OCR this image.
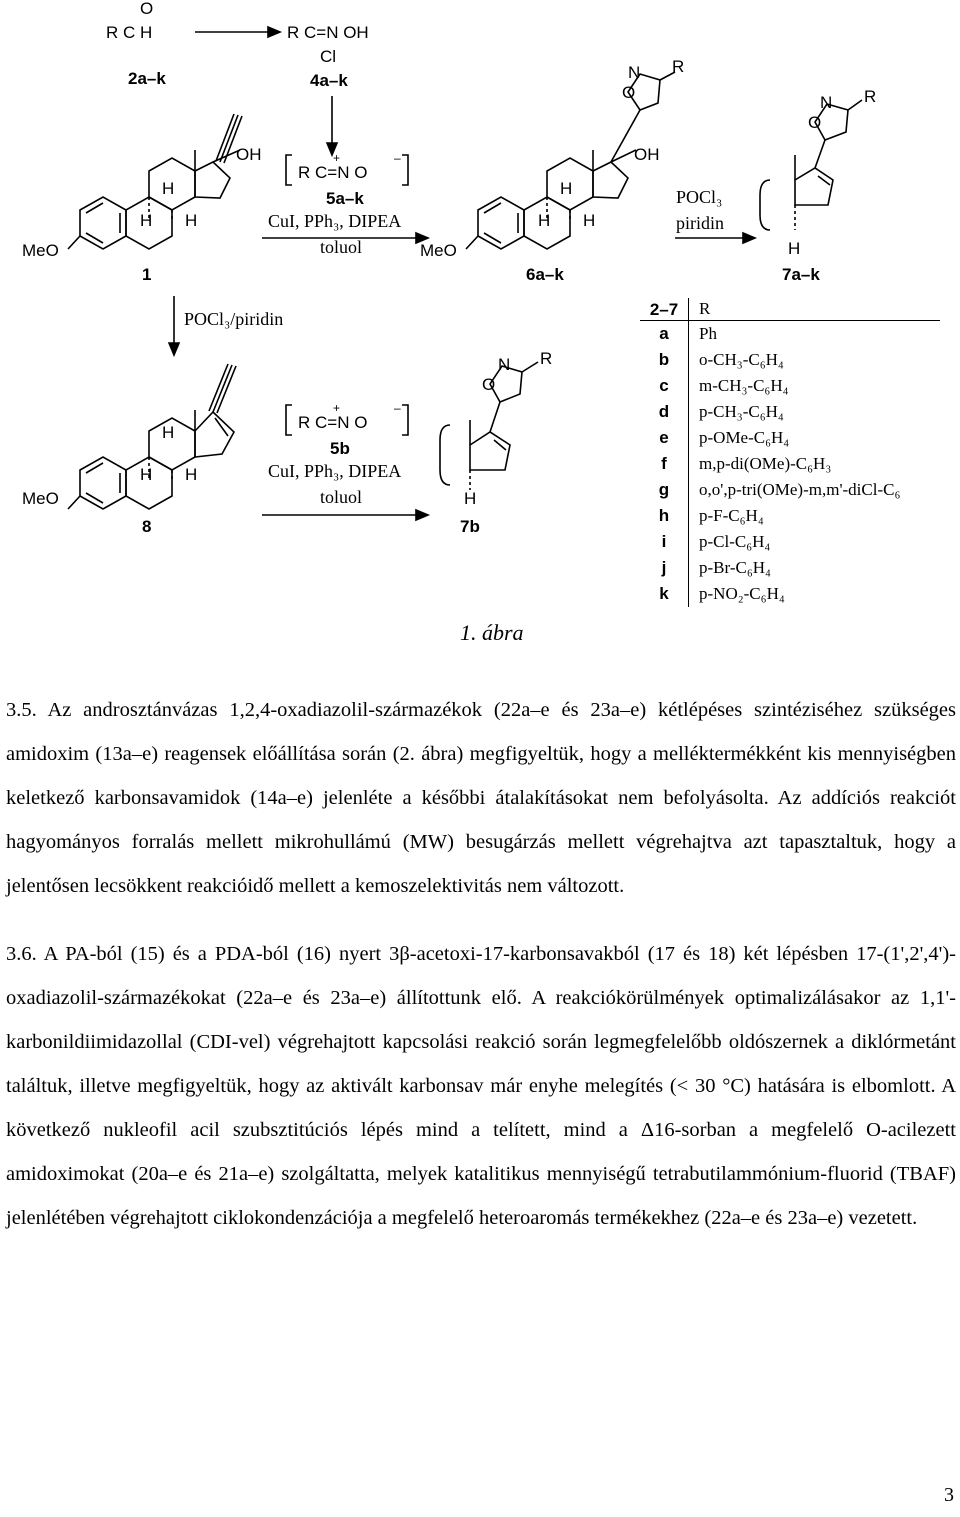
O
R C H
2a–k
R C=N OH
Cl
4a–k
OH
H
H H
MeO
1
+	–
R C=N O
5a–k
CuI, PPh₃, DIPEA
toluol
O
N R
OH
H
H H
MeO
6a–k
POCl₃
piridin
O
N R
H
7a–k
POCl₃/piridin
H
H H
MeO
8
+	–
R C=N O
5b
CuI, PPh₃, DIPEA
toluol
O
N R
H
7b
2–7	R
a	Ph
b	o-CH₃-C₆H₄
c	m-CH₃-C₆H₄
d	p-CH₃-C₆H₄
e	p-OMe-C₆H₄
f	m,p-di(OMe)-C₆H₃
g	o,o',p-tri(OMe)-m,m'-diCl-C₆
h	p-F-C₆H₄
i	p-Cl-C₆H₄
j	p-Br-C₆H₄
k	p-NO₂-C₆H₄
1. ábra

3.5. Az androsztánvázas 1,2,4-oxadiazolil-származékok (22a–e és 23a–e) kétlépéses szintéziséhez szükséges amidoxim (13a–e) reagensek előállítása során (2. ábra) megfigyeltük, hogy a melléktermékként kis mennyiségben keletkező karbonsavamidok (14a–e) jelenléte a későbbi átalakításokat nem befolyásolta. Az addíciós reakciót hagyományos forralás mellett mikrohullámú (MW) besugárzás mellett végrehajtva azt tapasztaltuk, hogy a jelentősen lecsökkent reakcióidő mellett a kemoszelektivitás nem változott.

3.6. A PA-ból (15) és a PDA-ból (16) nyert 3β-acetoxi-17-karbonsavakból (17 és 18) két lépésben 17-(1',2',4')-oxadiazolil-származékokat (22a–e és 23a–e) állítottunk elő. A reakciókörülmények optimalizálásakor az 1,1'-karbonildiimidazollal (CDI-vel) végrehajtott kapcsolási reakció során legmegfelelőbb oldószernek a diklórmetánt találtuk, illetve megfigyeltük, hogy az aktivált karbonsav már enyhe melegítés (< 30 °C) hatására is elbomlott. A következő nukleofil acil szubsztitúciós lépés mind a telített, mind a Δ16-sorban a megfelelő O-acilezett amidoximokat (20a–e és 21a–e) szolgáltatta, melyek katalitikus mennyiségű tetrabutilammónium-fluorid (TBAF) jelenlétében végrehajtott ciklokondenzációja a megfelelő heteroaromás termékekhez (22a–e és 23a–e) vezetett.

3
